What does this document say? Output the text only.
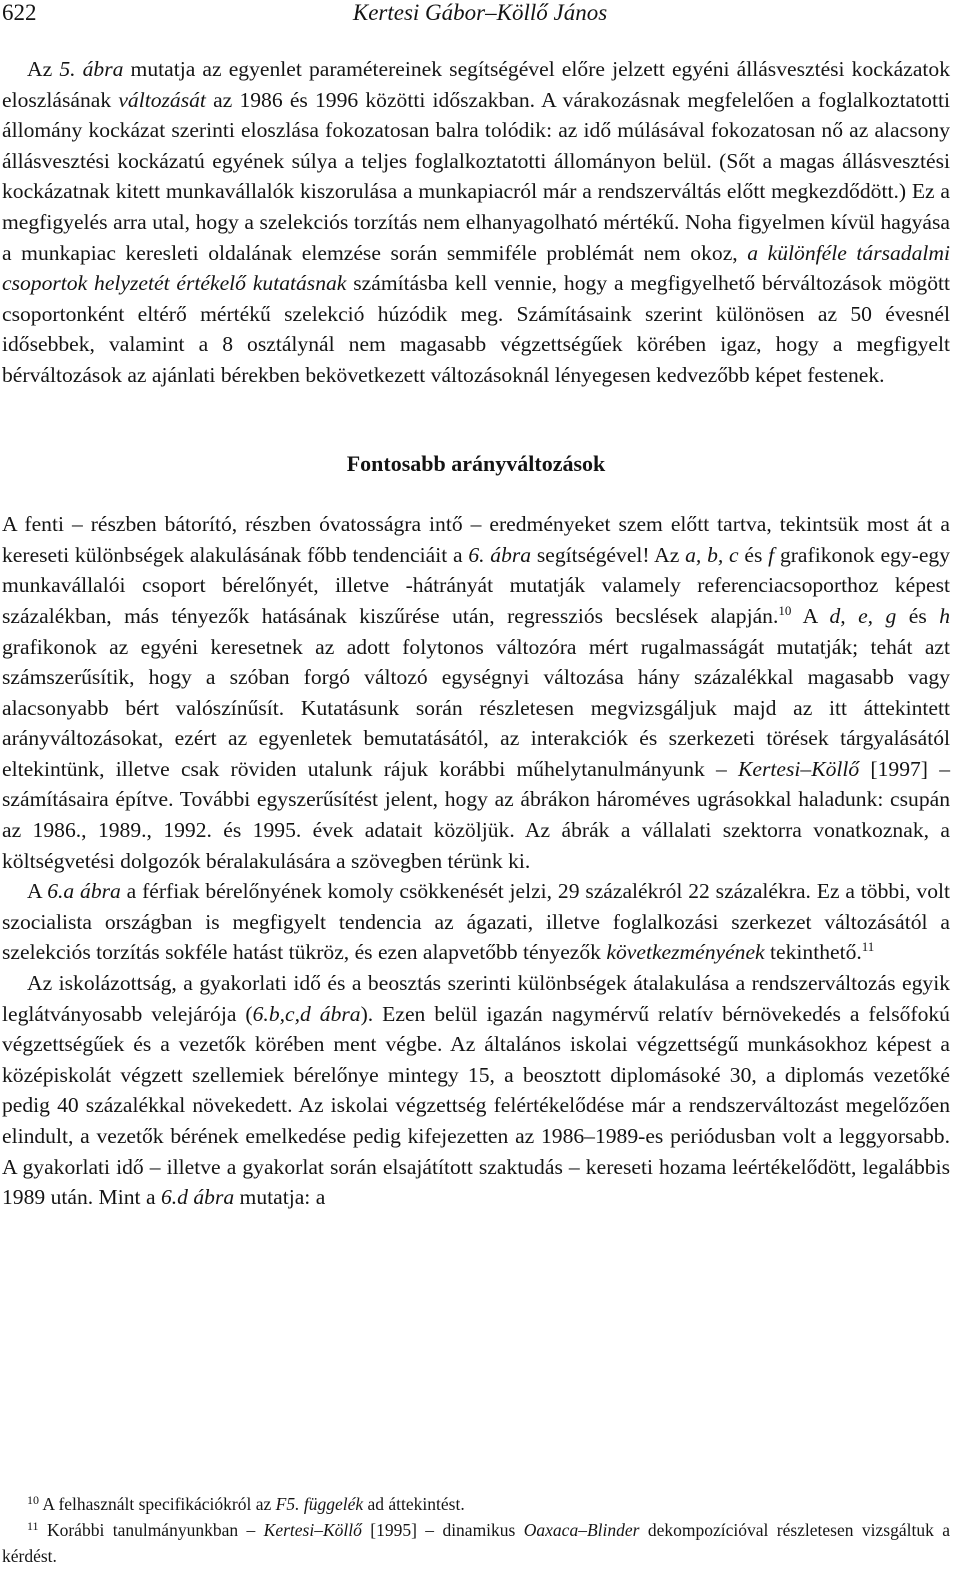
622	Kertesi Gábor–Köllő János

Az 5. ábra mutatja az egyenlet paramétereinek segítségével előre jelzett egyéni állásvesztési kockázatok eloszlásának változását az 1986 és 1996 közötti időszakban. A várakozásnak megfelelően a foglalkoztatotti állomány kockázat szerinti eloszlása fokozatosan balra tolódik: az idő múlásával fokozatosan nő az alacsony állásvesztési kockázatú egyének súlya a teljes foglalkoztatotti állományon belül. (Sőt a magas állásvesztési kockázatnak kitett munkavállalók kiszorulása a munkapiacról már a rendszerváltás előtt megkezdődött.) Ez a megfigyelés arra utal, hogy a szelekciós torzítás nem elhanyagolható mértékű. Noha figyelmen kívül hagyása a munkapiac keresleti oldalának elemzése során semmiféle problémát nem okoz, a különféle társadalmi csoportok helyzetét értékelő kutatásnak számításba kell vennie, hogy a megfigyelhető bérváltozások mögött csoportonként eltérő mértékű szelekció húzódik meg. Számításaink szerint különösen az 50 évesnél idősebbek, valamint a 8 osztálynál nem magasabb végzettségűek körében igaz, hogy a megfigyelt bérváltozások az ajánlati bérekben bekövetkezett változásoknál lényegesen kedvezőbb képet festenek.

Fontosabb arányváltozások

A fenti – részben bátorító, részben óvatosságra intő – eredményeket szem előtt tartva, tekintsük most át a kereseti különbségek alakulásának főbb tendenciáit a 6. ábra segítségével! Az a, b, c és f grafikonok egy-egy munkavállalói csoport bérelőnyét, illetve -hátrányát mutatják valamely referenciacsoporthoz képest százalékban, más tényezők hatásának kiszűrése után, regressziós becslések alapján.$^{10}$ A d, e, g és h grafikonok az egyéni keresetnek az adott folytonos változóra mért rugalmasságát mutatják; tehát azt számszerűsítik, hogy a szóban forgó változó egységnyi változása hány százalékkal magasabb vagy alacsonyabb bért valószínűsít. Kutatásunk során részletesen megvizsgáljuk majd az itt áttekintett arányváltozásokat, ezért az egyenletek bemutatásától, az interakciók és szerkezeti törések tárgyalásától eltekintünk, illetve csak röviden utalunk rájuk korábbi műhelytanulmányunk – Kertesi–Köllő [1997] – számításaira építve. További egyszerűsítést jelent, hogy az ábrákon hároméves ugrásokkal haladunk: csupán az 1986., 1989., 1992. és 1995. évek adatait közöljük. Az ábrák a vállalati szektorra vonatkoznak, a költségvetési dolgozók béralakulására a szövegben térünk ki.

A 6.a ábra a férfiak bérelőnyének komoly csökkenését jelzi, 29 százalékról 22 százalékra. Ez a többi, volt szocialista országban is megfigyelt tendencia az ágazati, illetve foglalkozási szerkezet változásától a szelekciós torzítás sokféle hatást tükröz, és ezen alapvetőbb tényezők következményének tekinthető.$^{11}$

Az iskolázottság, a gyakorlati idő és a beosztás szerinti különbségek átalakulása a rendszerváltozás egyik leglátványosabb velejárója (6.b,c,d ábra). Ezen belül igazán nagymérvű relatív bérnövekedés a felsőfokú végzettségűek és a vezetők körében ment végbe. Az általános iskolai végzettségű munkásokhoz képest a középiskolát végzett szellemiek bérelőnye mintegy 15, a beosztott diplomásoké 30, a diplomás vezetőké pedig 40 százalékkal növekedett. Az iskolai végzettség felértékelődése már a rendszerváltozást megelőzően elindult, a vezetők bérének emelkedése pedig kifejezetten az 1986–1989-es periódusban volt a leggyorsabb. A gyakorlati idő – illetve a gyakorlat során elsajátított szaktudás – kereseti hozama leértékelődött, legalábbis 1989 után. Mint a 6.d ábra mutatja: a

$^{10}$ A felhasznált specifikációkról az F5. függelék ad áttekintést.

$^{11}$ Korábbi tanulmányunkban – Kertesi–Köllő [1995] – dinamikus Oaxaca–Blinder dekompozícióval részletesen vizsgáltuk a kérdést.
